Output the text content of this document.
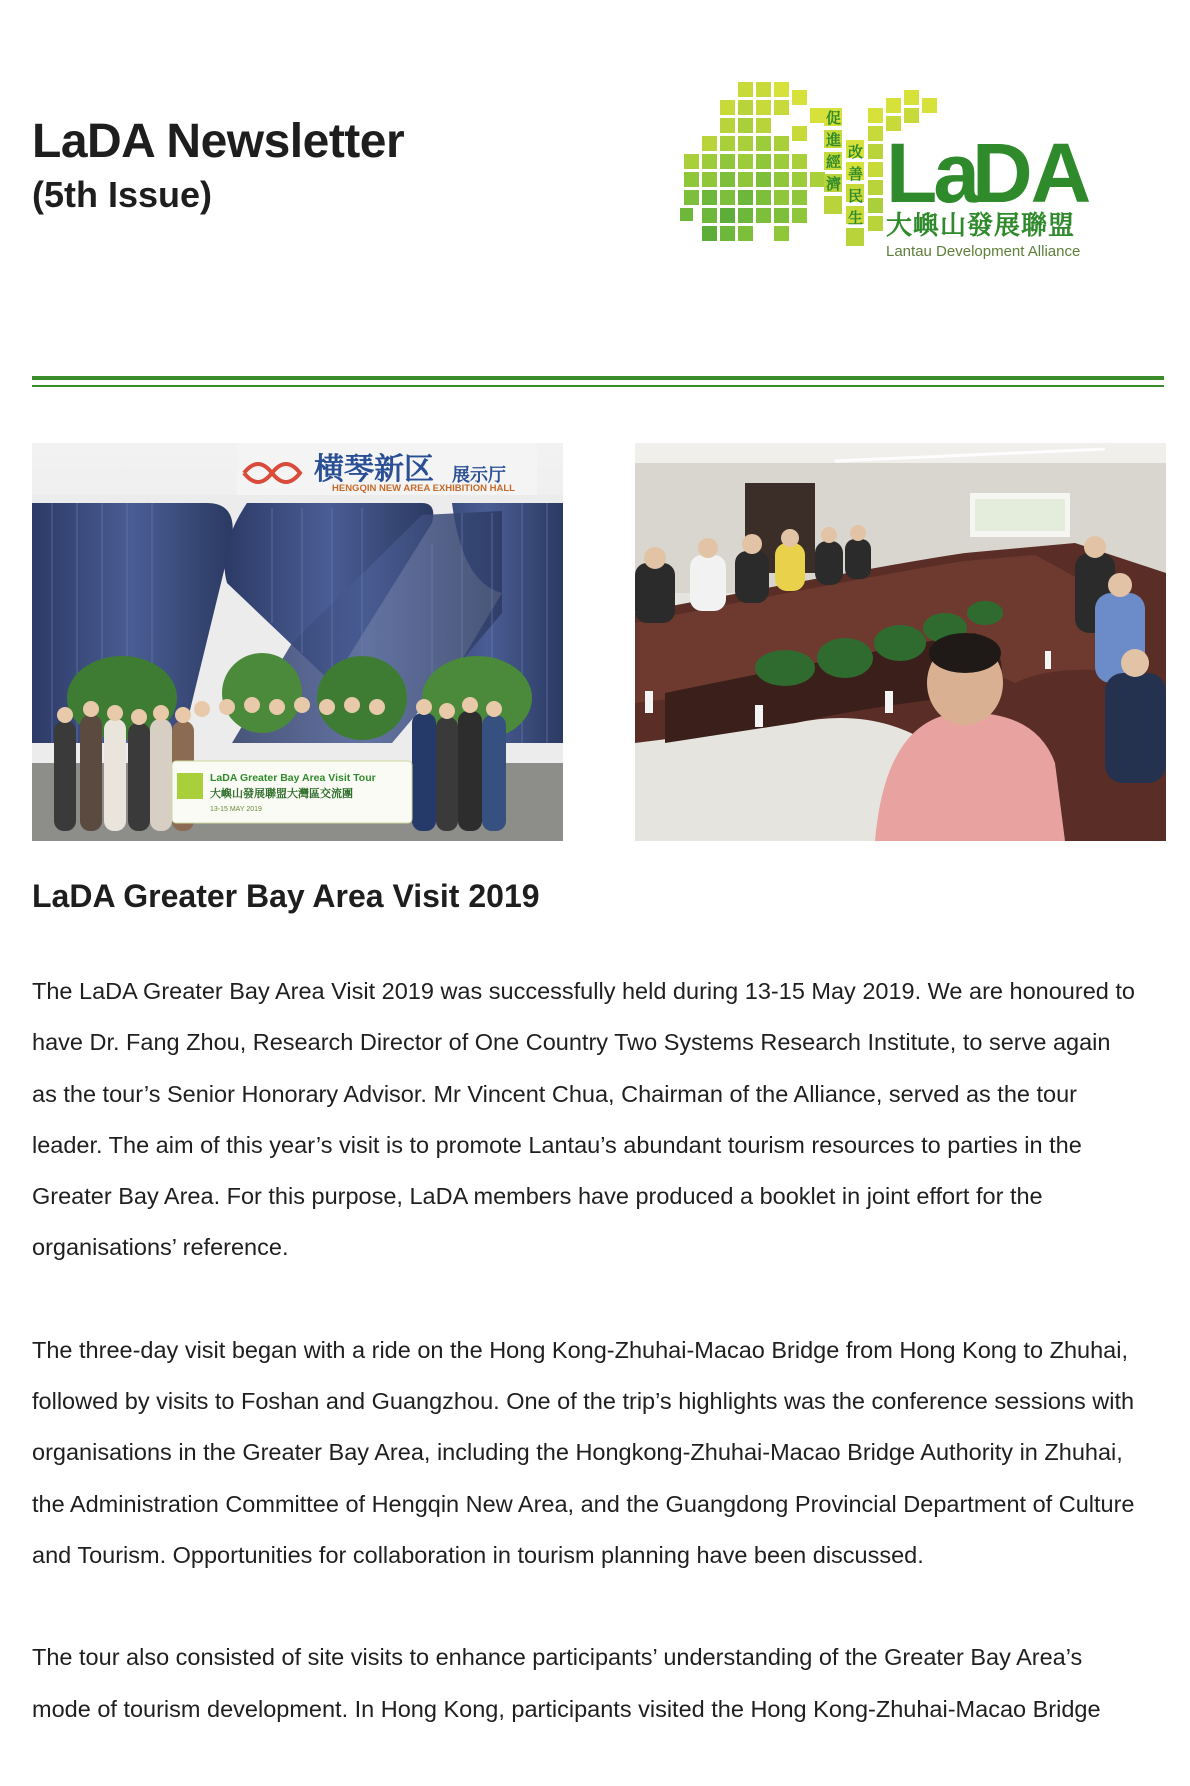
LaDA Newsletter
(5th Issue)
促
進
經
濟
改
善
民
生 La
DA
大嶼山發展聯盟
Lantau Development Alliance
横琴新区 展示厅
HENGQIN NEW AREA EXHIBITION HALL
LaDA Greater Bay Area Visit Tour
大嶼山發展聯盟大灣區交流團
13-15 MAY 2019
LaDA Greater Bay Area Visit 2019

The LaDA Greater Bay Area Visit 2019 was successfully held during 13-15 May 2019. We are honoured to
have Dr. Fang Zhou, Research Director of One Country Two Systems Research Institute, to serve again
as the tour’s Senior Honorary Advisor. Mr Vincent Chua, Chairman of the Alliance, served as the tour
leader. The aim of this year’s visit is to promote Lantau’s abundant tourism resources to parties in the
Greater Bay Area. For this purpose, LaDA members have produced a booklet in joint effort for the
organisations’ reference.

The three-day visit began with a ride on the Hong Kong-Zhuhai-Macao Bridge from Hong Kong to Zhuhai,
followed by visits to Foshan and Guangzhou. One of the trip’s highlights was the conference sessions with
organisations in the Greater Bay Area, including the Hongkong-Zhuhai-Macao Bridge Authority in Zhuhai,
the Administration Committee of Hengqin New Area, and the Guangdong Provincial Department of Culture
and Tourism. Opportunities for collaboration in tourism planning have been discussed.

The tour also consisted of site visits to enhance participants’ understanding of the Greater Bay Area’s
mode of tourism development. In Hong Kong, participants visited the Hong Kong-Zhuhai-Macao Bridge
